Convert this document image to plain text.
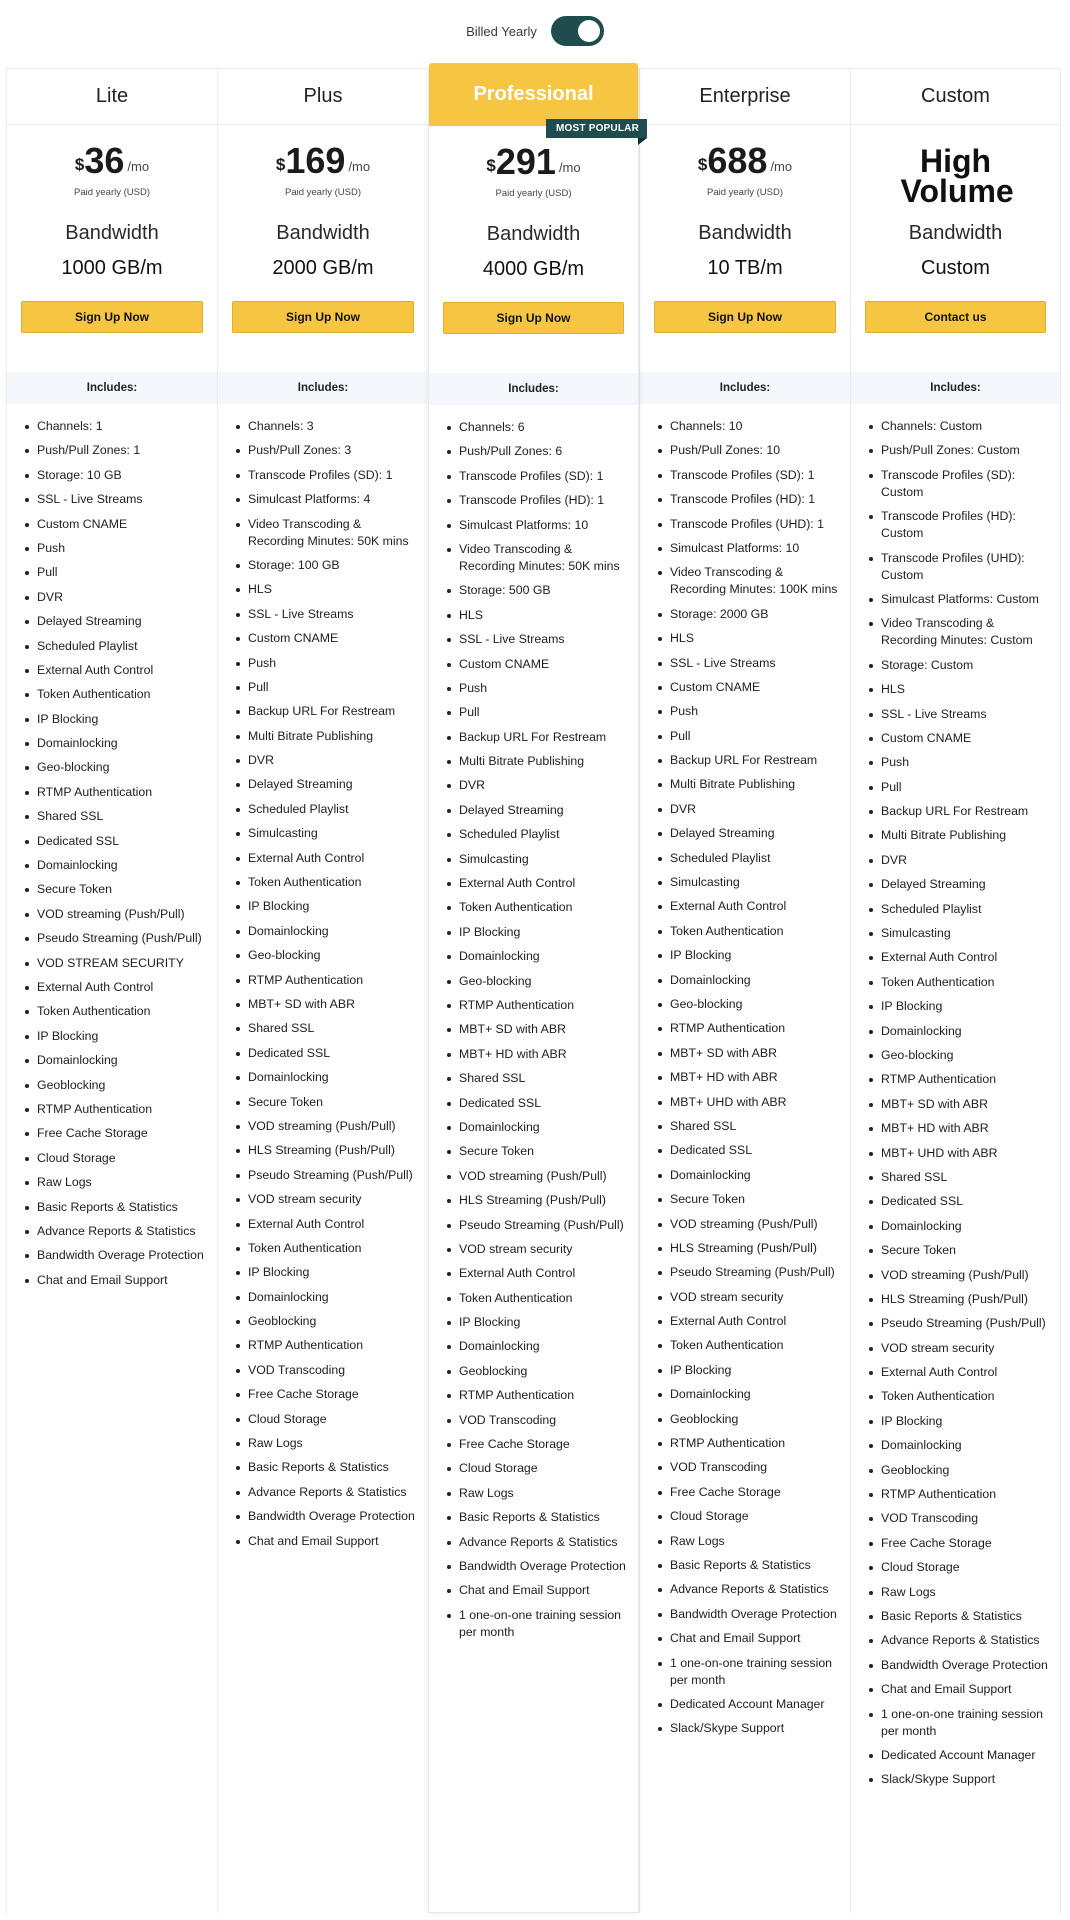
Billed Yearly
Lite
$ 36 /mo
Paid yearly (USD)
Bandwidth
1000 GB/m
Sign Up Now
Includes:
Channels: 1
Push/Pull Zones: 1
Storage: 10 GB
SSL - Live Streams
Custom CNAME
Push
Pull
DVR
Delayed Streaming
Scheduled Playlist
External Auth Control
Token Authentication
IP Blocking
Domainlocking
Geo-blocking
RTMP Authentication
Shared SSL
Dedicated SSL
Domainlocking
Secure Token
VOD streaming (Push/Pull)
Pseudo Streaming (Push/Pull)
VOD STREAM SECURITY
External Auth Control
Token Authentication
IP Blocking
Domainlocking
Geoblocking
RTMP Authentication
Free Cache Storage
Cloud Storage
Raw Logs
Basic Reports & Statistics
Advance Reports & Statistics
Bandwidth Overage Protection
Chat and Email Support
Plus
$ 169 /mo
Paid yearly (USD)
Bandwidth
2000 GB/m
Sign Up Now
Includes:
Channels: 3
Push/Pull Zones: 3
Transcode Profiles (SD): 1
Simulcast Platforms: 4
Video Transcoding & Recording Minutes: 50K mins
Storage: 100 GB
HLS
SSL - Live Streams
Custom CNAME
Push
Pull
Backup URL For Restream
Multi Bitrate Publishing
DVR
Delayed Streaming
Scheduled Playlist
Simulcasting
External Auth Control
Token Authentication
IP Blocking
Domainlocking
Geo-blocking
RTMP Authentication
MBT+ SD with ABR
Shared SSL
Dedicated SSL
Domainlocking
Secure Token
VOD streaming (Push/Pull)
HLS Streaming (Push/Pull)
Pseudo Streaming (Push/Pull)
VOD stream security
External Auth Control
Token Authentication
IP Blocking
Domainlocking
Geoblocking
RTMP Authentication
VOD Transcoding
Free Cache Storage
Cloud Storage
Raw Logs
Basic Reports & Statistics
Advance Reports & Statistics
Bandwidth Overage Protection
Chat and Email Support
Professional
MOST POPULAR
$ 291 /mo
Paid yearly (USD)
Bandwidth
4000 GB/m
Sign Up Now
Includes:
Channels: 6
Push/Pull Zones: 6
Transcode Profiles (SD): 1
Transcode Profiles (HD): 1
Simulcast Platforms: 10
Video Transcoding & Recording Minutes: 50K mins
Storage: 500 GB
HLS
SSL - Live Streams
Custom CNAME
Push
Pull
Backup URL For Restream
Multi Bitrate Publishing
DVR
Delayed Streaming
Scheduled Playlist
Simulcasting
External Auth Control
Token Authentication
IP Blocking
Domainlocking
Geo-blocking
RTMP Authentication
MBT+ SD with ABR
MBT+ HD with ABR
Shared SSL
Dedicated SSL
Domainlocking
Secure Token
VOD streaming (Push/Pull)
HLS Streaming (Push/Pull)
Pseudo Streaming (Push/Pull)
VOD stream security
External Auth Control
Token Authentication
IP Blocking
Domainlocking
Geoblocking
RTMP Authentication
VOD Transcoding
Free Cache Storage
Cloud Storage
Raw Logs
Basic Reports & Statistics
Advance Reports & Statistics
Bandwidth Overage Protection
Chat and Email Support
1 one-on-one training session per month
Enterprise
$ 688 /mo
Paid yearly (USD)
Bandwidth
10 TB/m
Sign Up Now
Includes:
Channels: 10
Push/Pull Zones: 10
Transcode Profiles (SD): 1
Transcode Profiles (HD): 1
Transcode Profiles (UHD): 1
Simulcast Platforms: 10
Video Transcoding & Recording Minutes: 100K mins
Storage: 2000 GB
HLS
SSL - Live Streams
Custom CNAME
Push
Pull
Backup URL For Restream
Multi Bitrate Publishing
DVR
Delayed Streaming
Scheduled Playlist
Simulcasting
External Auth Control
Token Authentication
IP Blocking
Domainlocking
Geo-blocking
RTMP Authentication
MBT+ SD with ABR
MBT+ HD with ABR
MBT+ UHD with ABR
Shared SSL
Dedicated SSL
Domainlocking
Secure Token
VOD streaming (Push/Pull)
HLS Streaming (Push/Pull)
Pseudo Streaming (Push/Pull)
VOD stream security
External Auth Control
Token Authentication
IP Blocking
Domainlocking
Geoblocking
RTMP Authentication
VOD Transcoding
Free Cache Storage
Cloud Storage
Raw Logs
Basic Reports & Statistics
Advance Reports & Statistics
Bandwidth Overage Protection
Chat and Email Support
1 one-on-one training session per month
Dedicated Account Manager
Slack/Skype Support
Custom
High Volume
Bandwidth
Custom
Contact us
Includes:
Channels: Custom
Push/Pull Zones: Custom
Transcode Profiles (SD): Custom
Transcode Profiles (HD): Custom
Transcode Profiles (UHD): Custom
Simulcast Platforms: Custom
Video Transcoding & Recording Minutes: Custom
Storage: Custom
HLS
SSL - Live Streams
Custom CNAME
Push
Pull
Backup URL For Restream
Multi Bitrate Publishing
DVR
Delayed Streaming
Scheduled Playlist
Simulcasting
External Auth Control
Token Authentication
IP Blocking
Domainlocking
Geo-blocking
RTMP Authentication
MBT+ SD with ABR
MBT+ HD with ABR
MBT+ UHD with ABR
Shared SSL
Dedicated SSL
Domainlocking
Secure Token
VOD streaming (Push/Pull)
HLS Streaming (Push/Pull)
Pseudo Streaming (Push/Pull)
VOD stream security
External Auth Control
Token Authentication
IP Blocking
Domainlocking
Geoblocking
RTMP Authentication
VOD Transcoding
Free Cache Storage
Cloud Storage
Raw Logs
Basic Reports & Statistics
Advance Reports & Statistics
Bandwidth Overage Protection
Chat and Email Support
1 one-on-one training session per month
Dedicated Account Manager
Slack/Skype Support
